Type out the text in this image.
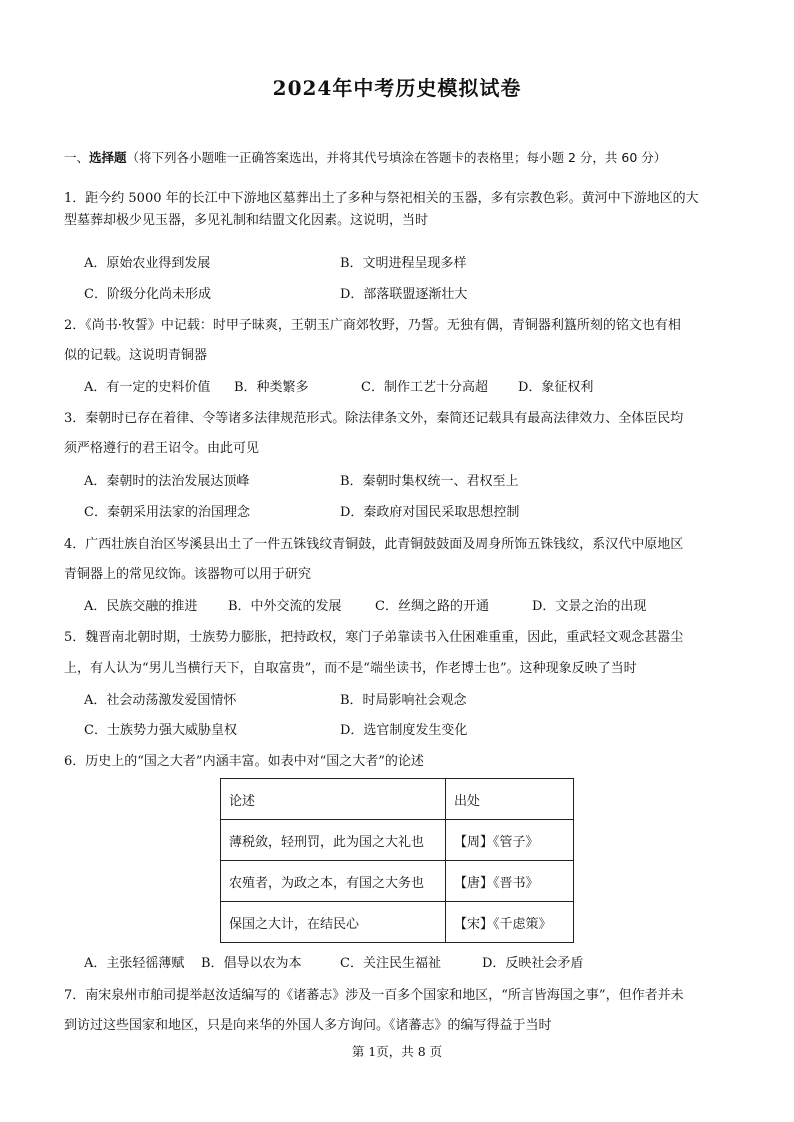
2024年中考历史模拟试卷
一、选择题（将下列各小题唯一正确答案选出，并将其代号填涂在答题卡的表格里；每小题 2 分，共 60 分）
1．距今约 5000 年的长江中下游地区墓葬出土了多种与祭祀相关的玉器，多有宗教色彩。黄河中下游地区的大
型墓葬却极少见玉器，多见礼制和结盟文化因素。这说明，当时
A．原始农业得到发展	B．文明进程呈现多样
C．阶级分化尚未形成	D．部落联盟逐渐壮大
2．《尚书·牧誓》中记载：时甲子昧爽，王朝玉广商郊牧野，乃誓。无独有偶，青铜器利簋所刻的铭文也有相
似的记载。这说明青铜器
A．有一定的史料价值 B．种类繁多	C．制作工艺十分高超 D．象征权利
3．秦朝时已存在着律、令等诸多法律规范形式。除法律条文外，秦简还记载具有最高法律效力、全体臣民均
须严格遵行的君王诏令。由此可见
A．秦朝时的法治发展达顶峰	B．秦朝时集权统一、君权至上
C．秦朝采用法家的治国理念	D．秦政府对国民采取思想控制
4．广西壮族自治区岑溪县出土了一件五铢钱纹青铜鼓，此青铜鼓鼓面及周身所饰五铢钱纹，系汉代中原地区
青铜器上的常见纹饰。该器物可以用于研究
A．民族交融的推进 B．中外交流的发展	C．丝绸之路的开通	D．文景之治的出现
5．魏晋南北朝时期，士族势力膨胀，把持政权，寒门子弟靠读书入仕困难重重，因此，重武轻文观念甚嚣尘
上，有人认为“男儿当横行天下，自取富贵”，而不是“端坐读书，作老博士也”。这种现象反映了当时
A．社会动荡激发爱国情怀	B．时局影响社会观念
C．士族势力强大威胁皇权	D．选官制度发生变化
6．历史上的“国之大者”内涵丰富。如表中对“国之大者”的论述
论述	出处
薄税敛，轻刑罚，此为国之大礼也	【周】《管子》
农殖者，为政之本，有国之大务也	【唐】《晋书》
保国之大计，在结民心	【宋】《千虑策》
A．主张轻徭薄赋 B．倡导以农为本	C．关注民生福祉	D．反映社会矛盾
7．南宋泉州市舶司提举赵汝适编写的《诸蕃志》涉及一百多个国家和地区，“所言皆海国之事”，但作者并未
到访过这些国家和地区，只是向来华的外国人多方询问。《诸蕃志》的编写得益于当时
第 1页，共 8 页
